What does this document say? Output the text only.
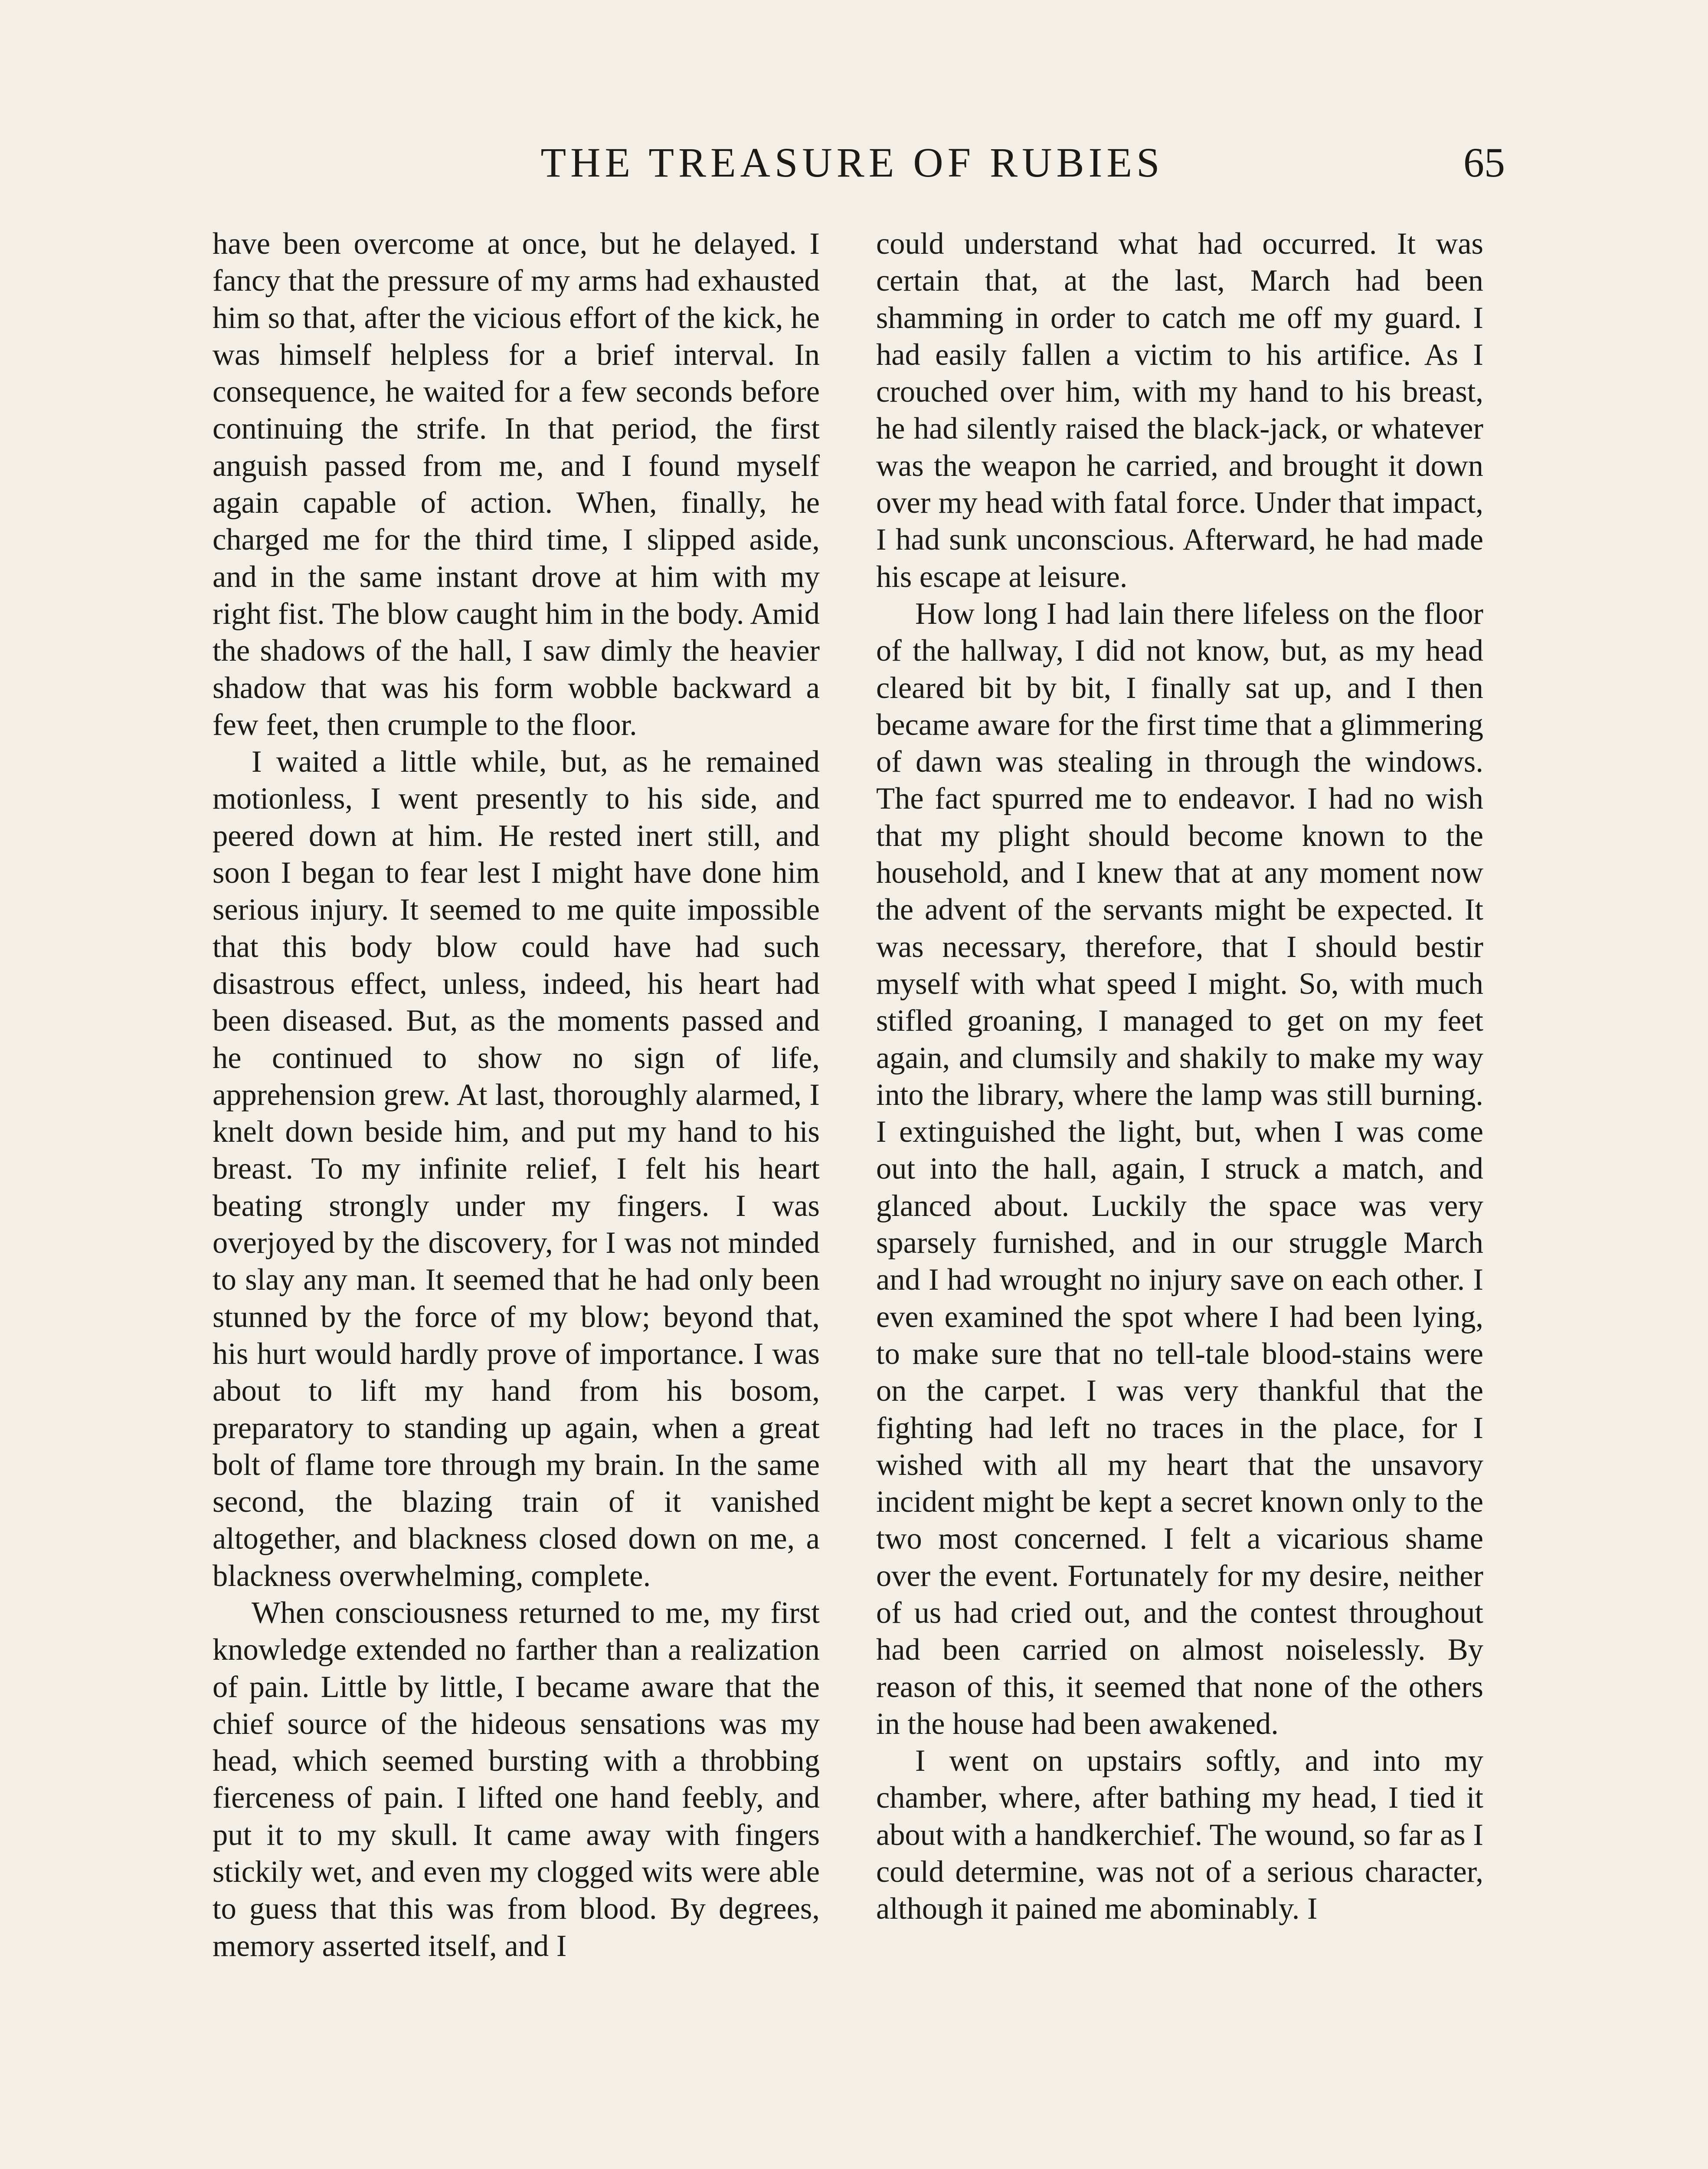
THE TREASURE OF RUBIES	65

have been overcome at once, but he delayed. I fancy that the pressure of my arms had exhausted him so that, after the vicious effort of the kick, he was himself helpless for a brief interval. In consequence, he waited for a few seconds before continuing the strife. In that period, the first anguish passed from me, and I found myself again capable of action. When, finally, he charged me for the third time, I slipped aside, and in the same instant drove at him with my right fist. The blow caught him in the body. Amid the shadows of the hall, I saw dimly the heavier shadow that was his form wobble backward a few feet, then crumple to the floor.

I waited a little while, but, as he remained motionless, I went presently to his side, and peered down at him. He rested inert still, and soon I began to fear lest I might have done him serious injury. It seemed to me quite impossible that this body blow could have had such disastrous effect, unless, indeed, his heart had been diseased. But, as the moments passed and he continued to show no sign of life, apprehension grew. At last, thoroughly alarmed, I knelt down beside him, and put my hand to his breast. To my infinite relief, I felt his heart beating strongly under my fingers. I was overjoyed by the discovery, for I was not minded to slay any man. It seemed that he had only been stunned by the force of my blow; beyond that, his hurt would hardly prove of importance. I was about to lift my hand from his bosom, preparatory to standing up again, when a great bolt of flame tore through my brain. In the same second, the blazing train of it vanished altogether, and blackness closed down on me, a blackness overwhelming, complete.

When consciousness returned to me, my first knowledge extended no farther than a realization of pain. Little by little, I became aware that the chief source of the hideous sensations was my head, which seemed bursting with a throbbing fierceness of pain. I lifted one hand feebly, and put it to my skull. It came away with fingers stickily wet, and even my clogged wits were able to guess that this was from blood. By degrees, memory asserted itself, and I

could understand what had occurred. It was certain that, at the last, March had been shamming in order to catch me off my guard. I had easily fallen a victim to his artifice. As I crouched over him, with my hand to his breast, he had silently raised the black-jack, or whatever was the weapon he carried, and brought it down over my head with fatal force. Under that impact, I had sunk unconscious. Afterward, he had made his escape at leisure.

How long I had lain there lifeless on the floor of the hallway, I did not know, but, as my head cleared bit by bit, I finally sat up, and I then became aware for the first time that a glimmering of dawn was stealing in through the windows. The fact spurred me to endeavor. I had no wish that my plight should become known to the household, and I knew that at any moment now the advent of the servants might be expected. It was necessary, therefore, that I should bestir myself with what speed I might. So, with much stifled groaning, I managed to get on my feet again, and clumsily and shakily to make my way into the library, where the lamp was still burning. I extinguished the light, but, when I was come out into the hall, again, I struck a match, and glanced about. Luckily the space was very sparsely furnished, and in our struggle March and I had wrought no injury save on each other. I even examined the spot where I had been lying, to make sure that no tell-tale blood-stains were on the carpet. I was very thankful that the fighting had left no traces in the place, for I wished with all my heart that the unsavory incident might be kept a secret known only to the two most concerned. I felt a vicarious shame over the event. Fortunately for my desire, neither of us had cried out, and the contest throughout had been carried on almost noiselessly. By reason of this, it seemed that none of the others in the house had been awakened.

I went on upstairs softly, and into my chamber, where, after bathing my head, I tied it about with a handkerchief. The wound, so far as I could determine, was not of a serious character, although it pained me abominably. I
